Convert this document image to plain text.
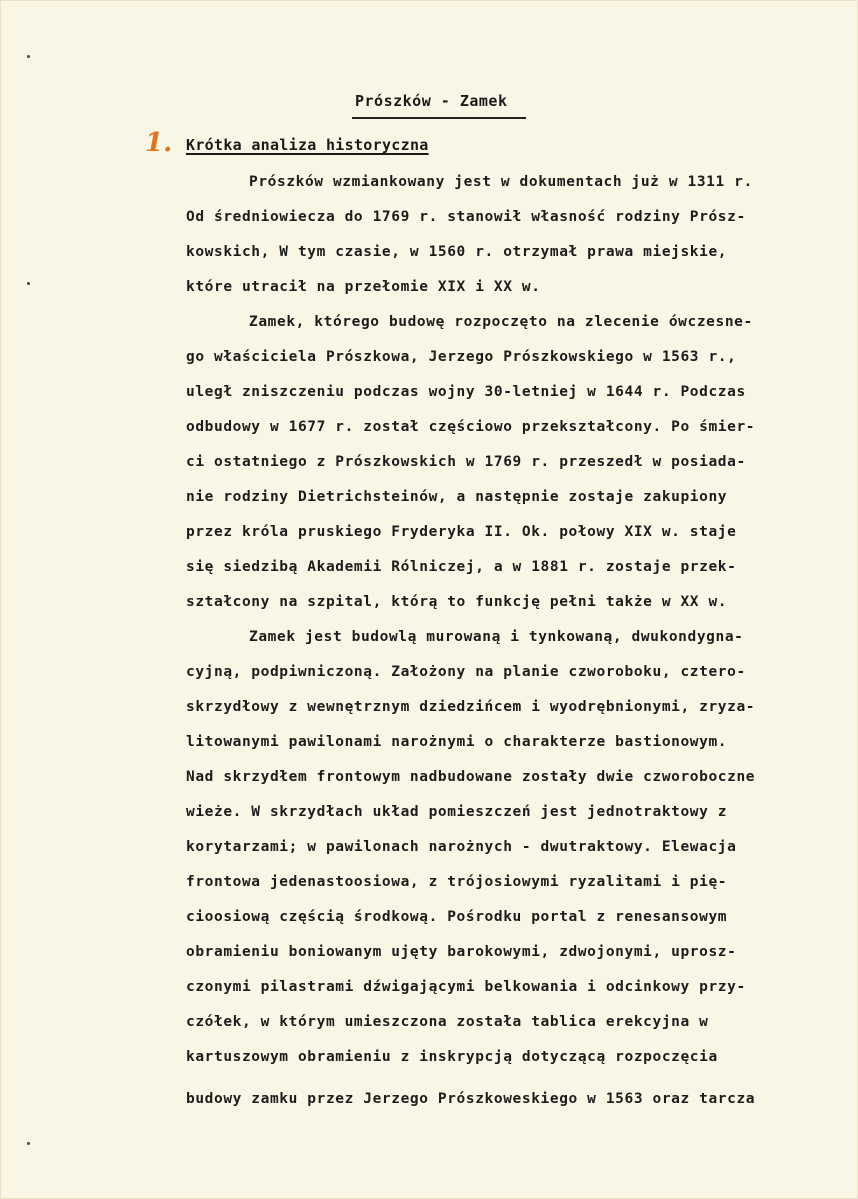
Prószków - Zamek
1. Krótka analiza historyczna
Prószków wzmiankowany jest w dokumentach już w 1311 r.
Od średniowiecza do 1769 r. stanowił własność rodziny Prósz-
kowskich, W tym czasie, w 1560 r. otrzymał prawa miejskie,
które utracił na przełomie XIX i XX w.
Zamek, którego budowę rozpoczęto na zlecenie ówczesne-
go właściciela Prószkowa, Jerzego Prószkowskiego w 1563 r.,
uległ zniszczeniu podczas wojny 30-letniej w 1644 r. Podczas
odbudowy w 1677 r. został częściowo przekształcony. Po śmier-
ci ostatniego z Prószkowskich w 1769 r. przeszedł w posiada-
nie rodziny Dietrichsteinów, a następnie zostaje zakupiony
przez króla pruskiego Fryderyka II. Ok. połowy XIX w. staje
się siedzibą Akademii Rólniczej, a w 1881 r. zostaje przek-
ształcony na szpital, którą to funkcję pełni także w XX w.
Zamek jest budowlą murowaną i tynkowaną, dwukondygna-
cyjną, podpiwniczoną. Założony na planie czworoboku, cztero-
skrzydłowy z wewnętrznym dziedzińcem i wyodrębnionymi, zryza-
litowanymi pawilonami narożnymi o charakterze bastionowym.
Nad skrzydłem frontowym nadbudowane zostały dwie czworoboczne
wieże. W skrzydłach układ pomieszczeń jest jednotraktowy z
korytarzami; w pawilonach narożnych - dwutraktowy. Elewacja
frontowa jedenastoosiowa, z trójosiowymi ryzalitami i pię-
cioosiową częścią środkową. Pośrodku portal z renesansowym
obramieniu boniowanym ujęty barokowymi, zdwojonymi, uprosz-
czonymi pilastrami dźwigającymi belkowania i odcinkowy przy-
czółek, w którym umieszczona została tablica erekcyjna w
kartuszowym obramieniu z inskrypcją dotyczącą rozpoczęcia
budowy zamku przez Jerzego Prószkoweskiego w 1563 oraz tarcza
